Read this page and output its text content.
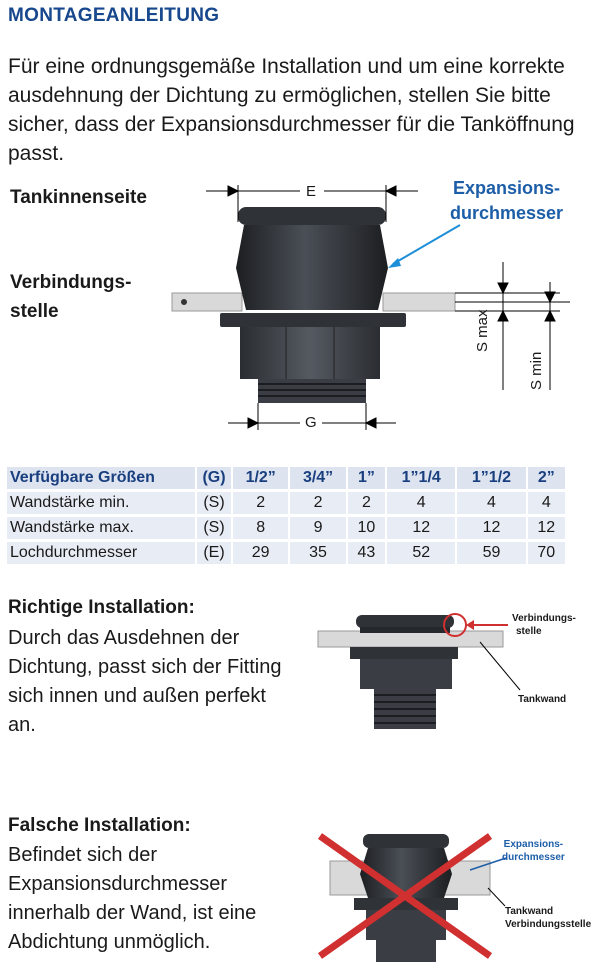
MONTAGEANLEITUNG
Für eine ordnungsgemäße Installation und um eine korrekte ausdehnung der Dichtung zu ermöglichen, stellen Sie bitte sicher, dass der Expansionsdurchmesser für die Tanköffnung passt.
Tankinnenseite
Verbindungs-
stelle
Expansions-
durchmesser
E
G
S max
S min
Verfügbare Größen	(G)	1/2”	3/4”	1”	1”1/4	1”1/2	2”
Wandstärke min.	(S)	2	2	2	4	4	4
Wandstärke max.	(S)	8	9	10	12	12	12
Lochdurchmesser	(E)	29	35	43	52	59	70
Richtige Installation:
Durch das Ausdehnen der Dichtung, passt sich der Fitting sich innen und außen perfekt an.
Verbindungs-
stelle
Tankwand
Falsche Installation:
Befindet sich der Expansionsdurchmesser innerhalb der Wand, ist eine Abdichtung unmöglich.
Expansions-
durchmesser
Tankwand
Verbindungsstelle
